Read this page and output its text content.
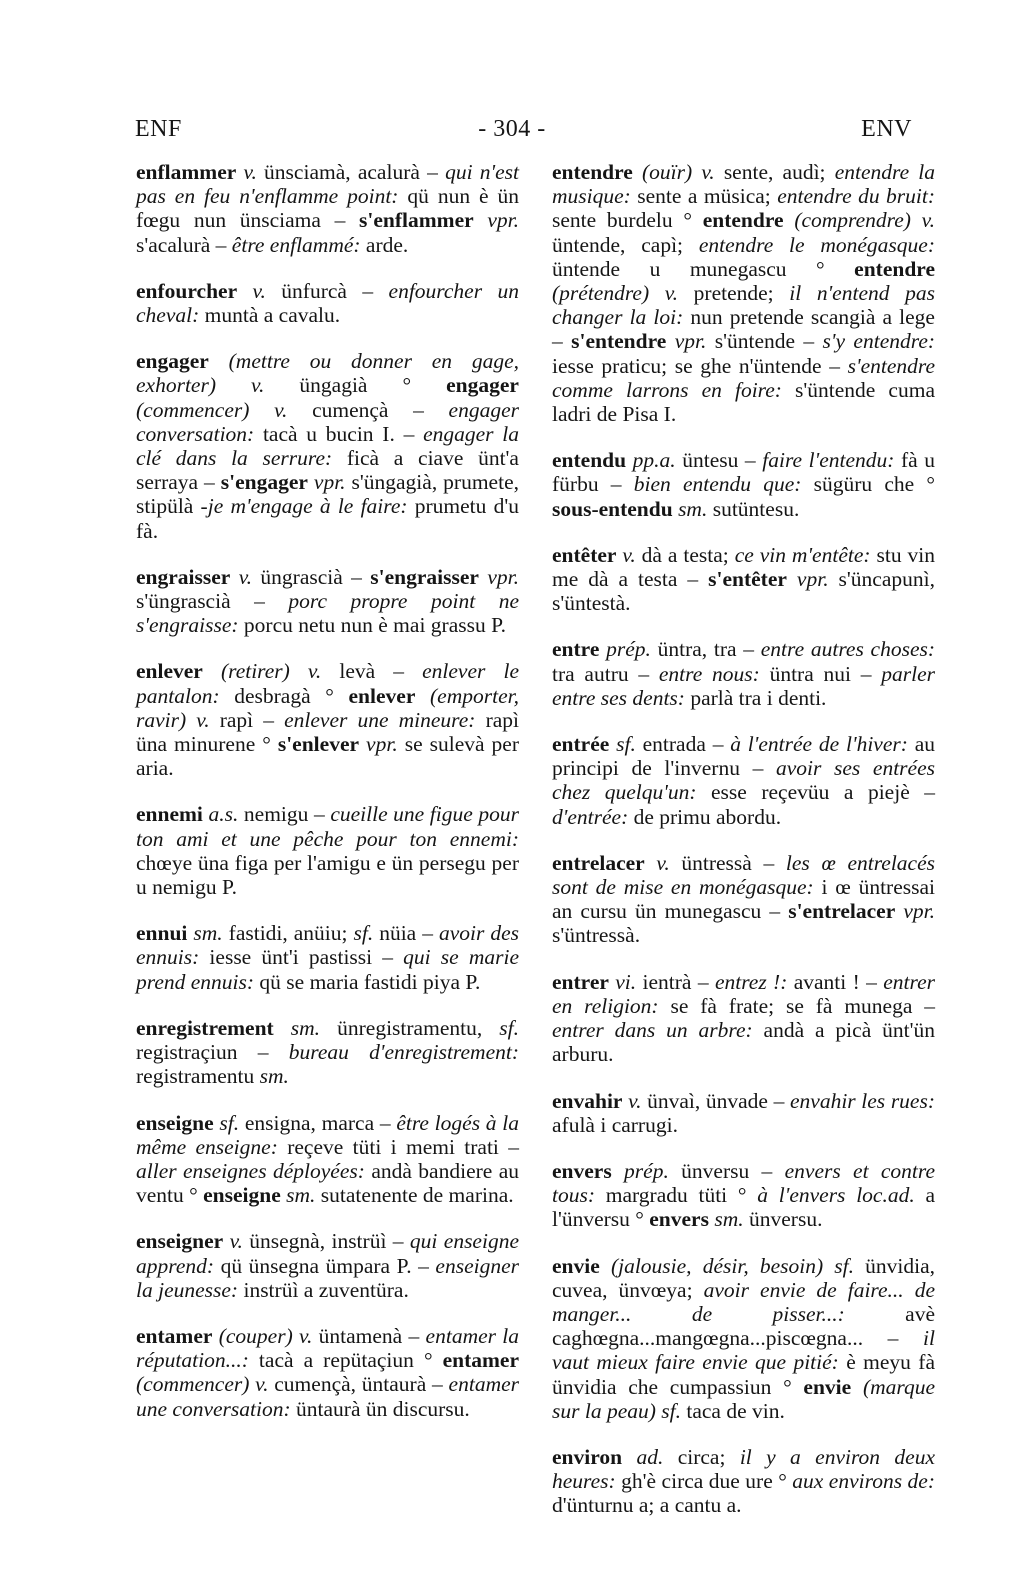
ENF	- 304 -	ENV

enflammer v. ünsciamà, acalurà – qui n'est pas en feu n'enflamme point: qü nun è ün fœgu nun ünsciama – s'enflammer vpr. s'acalurà – être enflammé: arde.

enfourcher v. ünfurcà – enfourcher un cheval: muntà a cavalu.

engager (mettre ou donner en gage, exhorter) v. üngagià ° engager (commencer) v. cumençà – engager conversation: tacà u bucin I. – engager la clé dans la serrure: ficà a ciave ünt'a serraya – s'engager vpr. s'üngagià, prumete, stipülà -je m'engage à le faire: prumetu d'u fà.

engraisser v. üngrascià – s'engraisser vpr. s'üngrascià – porc propre point ne s'engraisse: porcu netu nun è mai grassu P.

enlever (retirer) v. levà – enlever le pantalon: desbragà ° enlever (emporter, ravir) v. rapì – enlever une mineure: rapì üna minurene ° s'enlever vpr. se sulevà per aria.

ennemi a.s. nemigu – cueille une figue pour ton ami et une pêche pour ton ennemi: chœye üna figa per l'amigu e ün persegu per u nemigu P.

ennui sm. fastidi, anüiu; sf. nüia – avoir des ennuis: iesse ünt'i pastissi – qui se marie prend ennuis: qü se maria fastidi piya P.

enregistrement sm. ünregistramentu, sf. registraçiun – bureau d'enregistrement: registramentu sm.

enseigne sf. ensigna, marca – être logés à la même enseigne: reçeve tüti i memi trati – aller enseignes déployées: andà bandiere au ventu ° enseigne sm. sutatenente de marina.

enseigner v. ünsegnà, instrüì – qui enseigne apprend: qü ünsegna ümpara P. – enseigner la jeunesse: instrüì a zuventüra.

entamer (couper) v. üntamenà – entamer la réputation...: tacà a repütaçiun ° entamer (commencer) v. cumençà, üntaurà – entamer une conversation: üntaurà ün discursu.

entendre (ouïr) v. sente, audì; entendre la musique: sente a müsica; entendre du bruit: sente burdelu ° entendre (comprendre) v. üntende, capì; entendre le monégasque: üntende u munegascu ° entendre (prétendre) v. pretende; il n'entend pas changer la loi: nun pretende scangià a lege – s'entendre vpr. s'üntende – s'y entendre: iesse praticu; se ghe n'üntende – s'entendre comme larrons en foire: s'üntende cuma ladri de Pisa I.

entendu pp.a. üntesu – faire l'entendu: fà u fürbu – bien entendu que: sügüru che ° sous-entendu sm. sutüntesu.

entêter v. dà a testa; ce vin m'entête: stu vin me dà a testa – s'entêter vpr. s'üncapunì, s'üntestà.

entre prép. üntra, tra – entre autres choses: tra autru – entre nous: üntra nui – parler entre ses dents: parlà tra i denti.

entrée sf. entrada – à l'entrée de l'hiver: au principi de l'invernu – avoir ses entrées chez quelqu'un: esse reçevüu a piejè – d'entrée: de primu abordu.

entrelacer v. üntressà – les œ entrelacés sont de mise en monégasque: i œ üntressai an cursu ün munegascu – s'entrelacer vpr. s'üntressà.

entrer vi. ientrà – entrez !: avanti ! – entrer en religion: se fà frate; se fà munega – entrer dans un arbre: andà a picà ünt'ün arburu.

envahir v. ünvaì, ünvade – envahir les rues: afulà i carrugi.

envers prép. ünversu – envers et contre tous: margradu tüti ° à l'envers loc.ad. a l'ünversu ° envers sm. ünversu.

envie (jalousie, désir, besoin) sf. ünvidia, cuvea, ünvœya; avoir envie de faire... de manger... de pisser...: avè caghœgna...mangœgna...piscœgna... – il vaut mieux faire envie que pitié: è meyu fà ünvidia che cumpassiun ° envie (marque sur la peau) sf. taca de vin.

environ ad. circa; il y a environ deux heures: gh'è circa due ure ° aux environs de: d'ünturnu a; a cantu a.
